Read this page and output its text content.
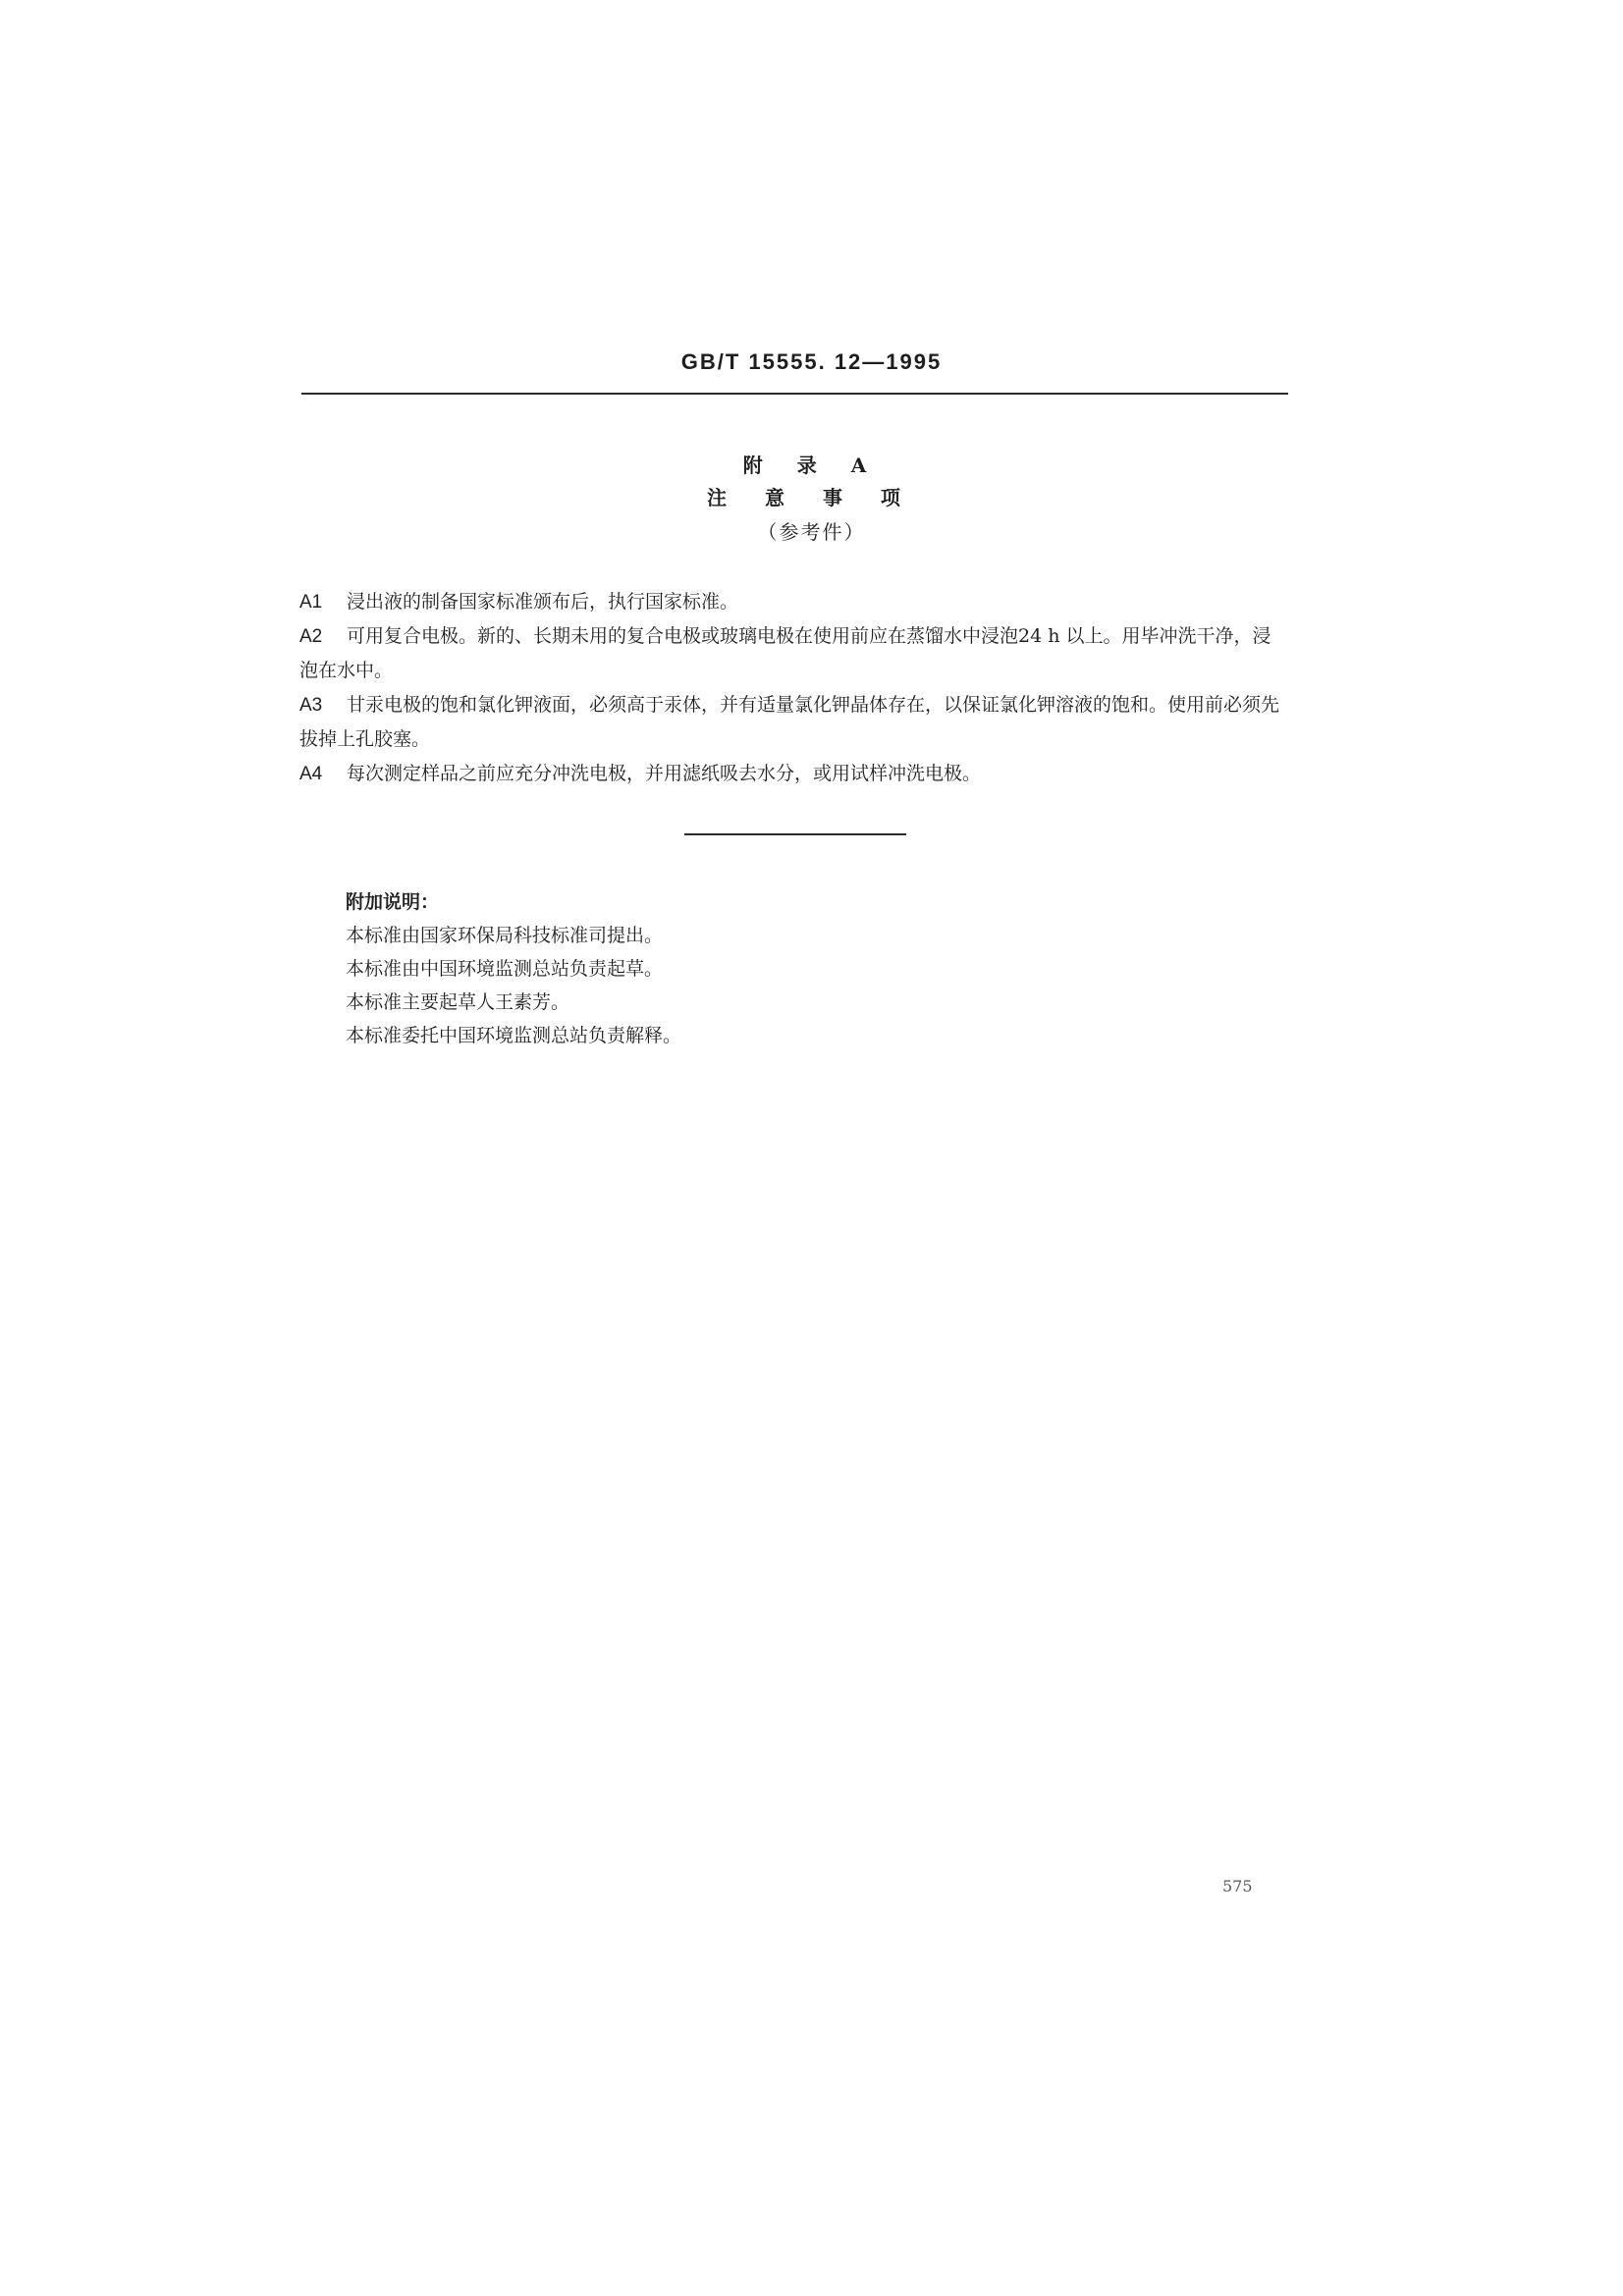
GB/T 15555. 12—1995
附 录 A
注 意 事 项
（参考件）

A1 浸出液的制备国家标准颁布后，执行国家标准。

A2 可用复合电极。新的、长期未用的复合电极或玻璃电极在使用前应在蒸馏水中浸泡24 h 以上。用毕冲洗干净，浸泡在水中。

A3 甘汞电极的饱和氯化钾液面，必须高于汞体，并有适量氯化钾晶体存在，以保证氯化钾溶液的饱和。使用前必须先拔掉上孔胶塞。

A4 每次测定样品之前应充分冲洗电极，并用滤纸吸去水分，或用试样冲洗电极。

附加说明：
本标准由国家环保局科技标准司提出。
本标准由中国环境监测总站负责起草。
本标准主要起草人王素芳。
本标准委托中国环境监测总站负责解释。
575
